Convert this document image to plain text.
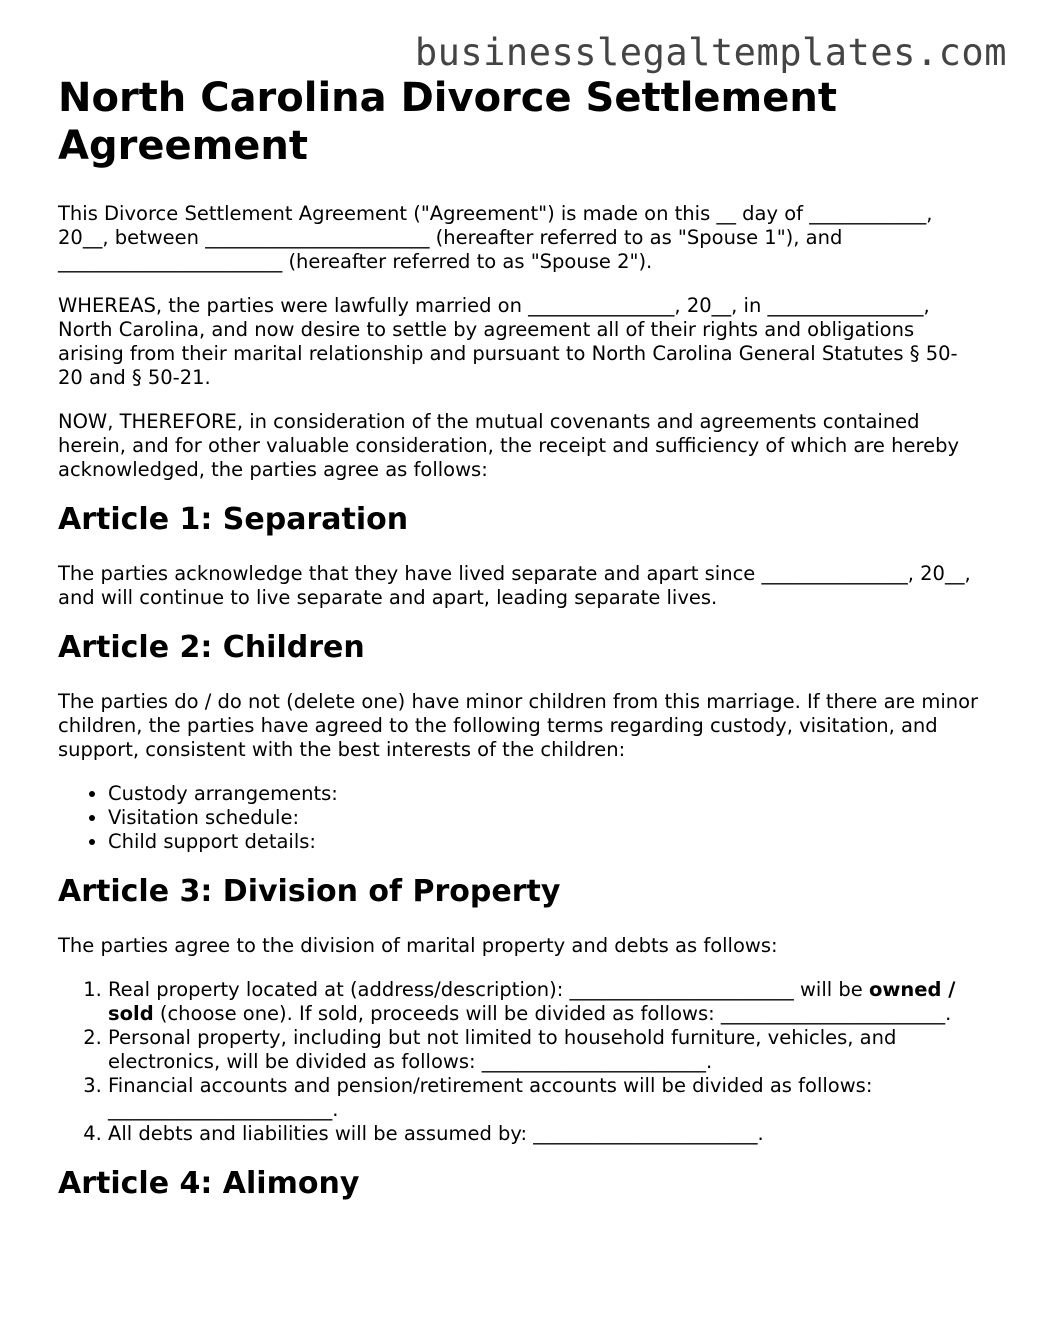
businesslegaltemplates.com
North Carolina Divorce Settlement Agreement

This Divorce Settlement Agreement ("Agreement") is made on this __ day of ____________, 20__, between _______________________ (hereafter referred to as "Spouse 1"), and _______________________ (hereafter referred to as "Spouse 2").

WHEREAS, the parties were lawfully married on _______________, 20__, in ________________, North Carolina, and now desire to settle by agreement all of their rights and obligations arising from their marital relationship and pursuant to North Carolina General Statutes § 50-20 and § 50-21.

NOW, THEREFORE, in consideration of the mutual covenants and agreements contained herein, and for other valuable consideration, the receipt and sufficiency of which are hereby acknowledged, the parties agree as follows:

Article 1: Separation

The parties acknowledge that they have lived separate and apart since _______________, 20__, and will continue to live separate and apart, leading separate lives.

Article 2: Children

The parties do / do not (delete one) have minor children from this marriage. If there are minor children, the parties have agreed to the following terms regarding custody, visitation, and support, consistent with the best interests of the children:

• Custody arrangements:
• Visitation schedule:
• Child support details:
Article 3: Division of Property

The parties agree to the division of marital property and debts as follows:

1. Real property located at (address/description): _______________________ will be owned / sold (choose one). If sold, proceeds will be divided as follows: _______________________.
2. Personal property, including but not limited to household furniture, vehicles, and electronics, will be divided as follows: _______________________.
3. Financial accounts and pension/retirement accounts will be divided as follows: _______________________.
4. All debts and liabilities will be assumed by: _______________________.
Article 4: Alimony
